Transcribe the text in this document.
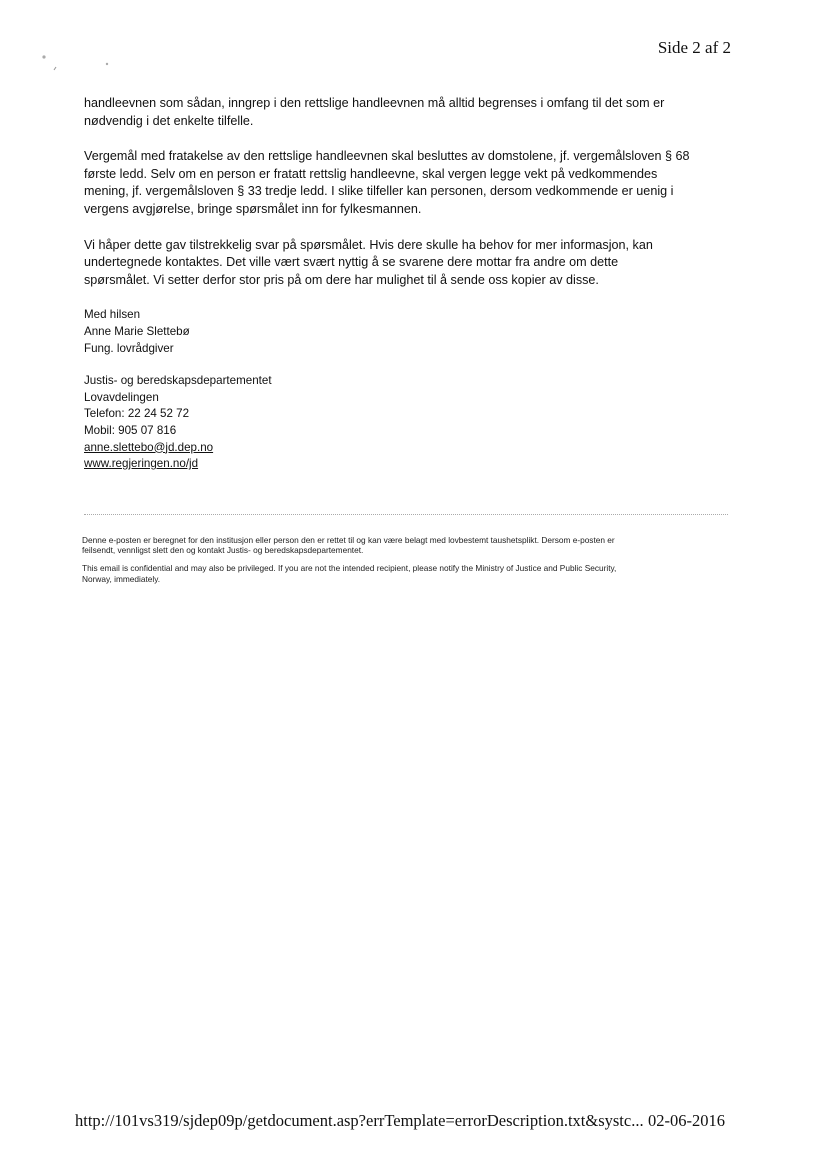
Side 2 af 2

handleevnen som sådan, inngrep i den rettslige handleevnen må alltid begrenses i omfang til det som er
nødvendig i det enkelte tilfelle.

Vergemål med fratakelse av den rettslige handleevnen skal besluttes av domstolene, jf. vergemålsloven § 68
første ledd. Selv om en person er fratatt rettslig handleevne, skal vergen legge vekt på vedkommendes
mening, jf. vergemålsloven § 33 tredje ledd. I slike tilfeller kan personen, dersom vedkommende er uenig i
vergens avgjørelse, bringe spørsmålet inn for fylkesmannen.

Vi håper dette gav tilstrekkelig svar på spørsmålet. Hvis dere skulle ha behov for mer informasjon, kan
undertegnede kontaktes. Det ville vært svært nyttig å se svarene dere mottar fra andre om dette
spørsmålet. Vi setter derfor stor pris på om dere har mulighet til å sende oss kopier av disse.

Med hilsen
Anne Marie Slettebø
Fung. lovrådgiver
Justis- og beredskapsdepartementet
Lovavdelingen
Telefon: 22 24 52 72
Mobil: 905 07 816
anne.slettebo@jd.dep.no
www.regjeringen.no/jd

Denne e-posten er beregnet for den institusjon eller person den er rettet til og kan være belagt med lovbestemt taushetsplikt. Dersom e-posten er
feilsendt, vennligst slett den og kontakt Justis- og beredskapsdepartementet.

This email is confidential and may also be privileged. If you are not the intended recipient, please notify the Ministry of Justice and Public Security,
Norway, immediately.

http://101vs319/sjdep09p/getdocument.asp?errTemplate=errorDescription.txt&systc... 02-06-2016
